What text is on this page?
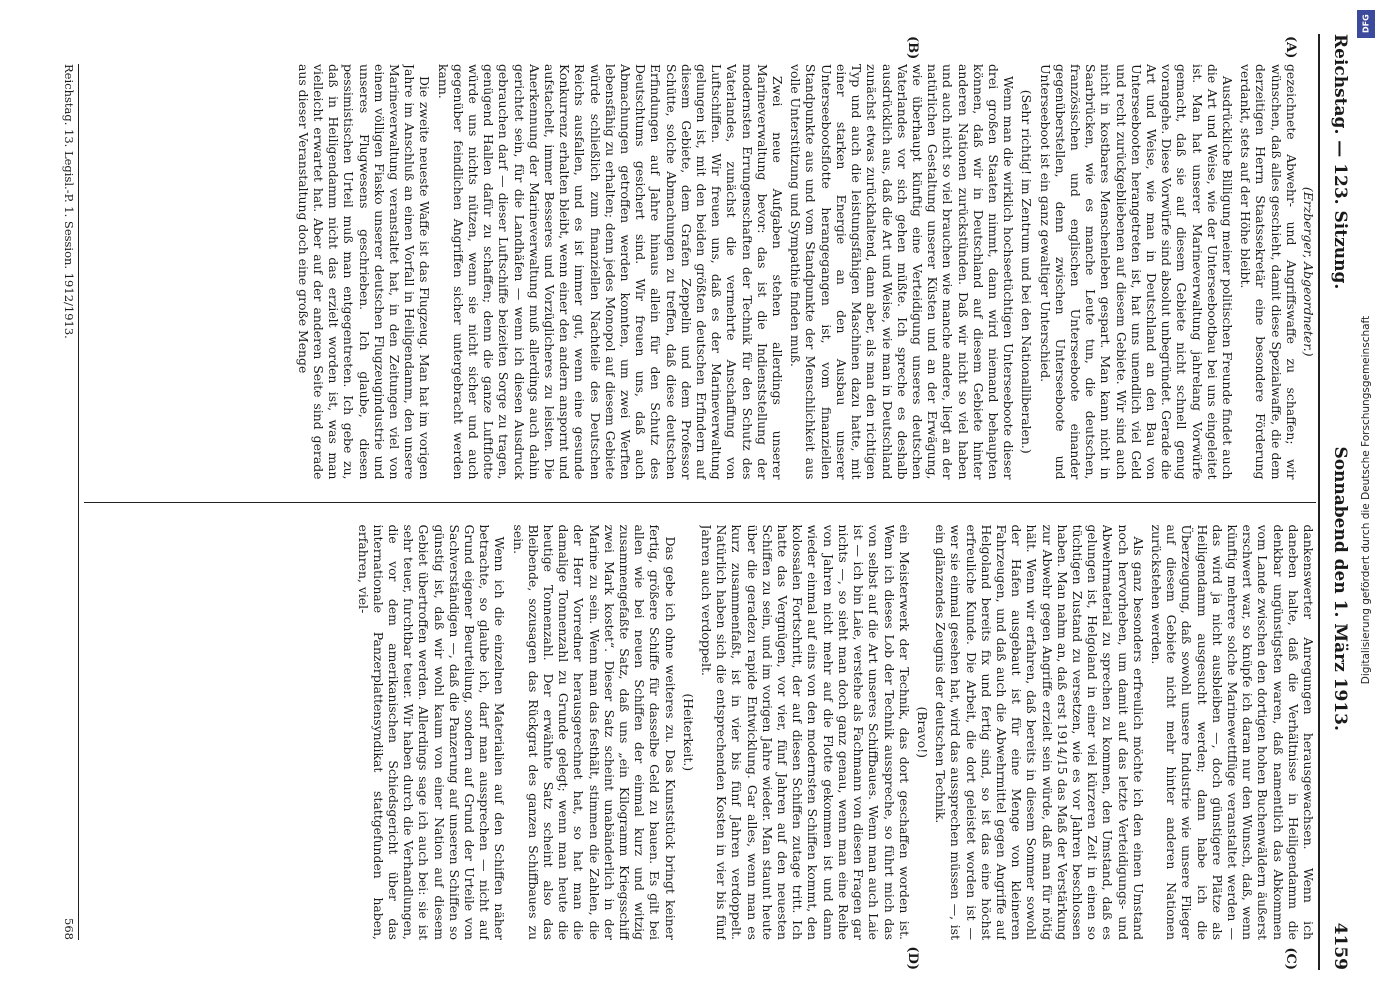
Reichstag. — 123. Sitzung.
Sonnabend den 1. März 1913.
4159
(A)
(B)
(C)
(D)
(Erzberger, Abgeordneter.)

gezeichnete Abwehr- und Angriffswaffe zu schaffen; wir wünschen, daß alles geschieht, damit diese Spezialwaffe, die dem derzeitigen Herrn Staatssekretär eine besondere Förderung verdankt, stets auf der Höhe bleibt.

Ausdrückliche Billigung meiner politischen Freunde findet auch die Art und Weise, wie der Unterseebootbau bei uns eingeleitet ist. Man hat unserer Marineverwaltung jahrelang Vorwürfe gemacht, daß sie auf diesem Gebiete nicht schnell genug vorangehe. Diese Vorwürfe sind absolut unbegründet. Gerade die Art und Weise, wie man in Deutschland an den Bau von Unterseebooten herangetreten ist, hat uns unendlich viel Geld und recht zurückgebliebenen auf diesem Gebiete. Wir sind auch nicht in kostbares Menschenleben gespart. Man kann nicht in Saarbrücken, wie es manche Leute tun, die deutschen, französischen und englischen Unterseeboote einander gegenüberstellen, denn zwischen Unterseeboote und Unterseeboot ist ein ganz gewaltiger Unterschied.

(Sehr richtig! im Zentrum und bei den Nationalliberalen.)

Wenn man die wirklich hochseetüchtigen Unterseeboote dieser drei großen Staaten nimmt, dann wird niemand behaupten können, daß wir in Deutschland auf diesem Gebiete hinter anderen Nationen zurückstünden. Daß wir nicht so viel haben und auch nicht so viel brauchen wie manche andere, liegt an der natürlichen Gestaltung unserer Küsten und an der Erwägung, wie überhaupt künftig eine Verteidigung unseres deutschen Vaterlandes vor sich gehen müßte. Ich spreche es deshalb ausdrücklich aus, daß die Art und Weise, wie man in Deutschland zunächst etwas zurückhaltend, dann aber, als man den richtigen Typ und auch die leistungsfähigen Maschinen dazu hatte, mit einer starken Energie an den Ausbau unserer Unterseebootsflotte herangegangen ist, vom finanziellen Standpunkte aus und vom Standpunkte der Menschlichkeit aus volle Unterstützung und Sympathie finden muß.

Zwei neue Aufgaben stehen allerdings unserer Marineverwaltung bevor: das ist die Indienststellung der modernsten Errungenschaften der Technik für den Schutz des Vaterlandes, zunächst die vermehrte Anschaffung von Luftschiffen. Wir freuen uns, daß es der Marineverwaltung gelungen ist, mit den beiden größten deutschen Erfindern auf diesem Gebiete, dem Grafen Zeppelin und dem Professor Schütte, solche Abmachungen zu treffen, daß diese deutschen Erfindungen auf Jahre hinaus allein für den Schutz des Deutschtums gesichert sind. Wir freuen uns, daß auch Abmachungen getroffen werden konnten, um zwei Werften lebensfähig zu erhalten; denn jedes Monopol auf diesem Gebiete würde schließlich zum finanziellen Nachteile des Deutschen Reichs ausfallen, und es ist immer gut, wenn eine gesunde Konkurrenz erhalten bleibt, wenn einer den andern anspornt und aufstachelt, immer Besseres und Vorzüglicheres zu leisten. Die Anerkennung der Marineverwaltung muß allerdings auch dahin gerichtet sein, für die Landhäfen — wenn ich diesen Ausdruck gebrauchen darf — dieser Luftschiffe beizeiten Sorge zu tragen, genügend Hallen dafür zu schaffen; denn die ganze Luftflotte würde uns nichts nützen, wenn sie nicht sicher und auch gegenüber feindlichen Angriffen sicher untergebracht werden kann.

Die zweite neueste Waffe ist das Flugzeug. Man hat im vorigen Jahre im Anschluß an einen Vorfall in Heiligendamm, den unsere Marineverwaltung veranstaltet hat, in den Zeitungen viel von einem völligen Fiasko unserer deutschen Flugzeugindustrie und unseres Flugwesens geschrieben. Ich glaube, diesen pessimistischen Urteil muß man entgegentreten. Ich gebe zu, daß in Heiligendamm nicht das erzielt worden ist, was man vielleicht erwartet hat. Aber auf der anderen Seite sind gerade aus dieser Veranstaltung doch eine große Menge

dankenswerter Anregungen herausgewachsen. Wenn ich daneben halte, daß die Verhältnisse in Heiligendamm die denkbar ungünstigsten waren, daß namentlich das Abkommen vom Lande zwischen den dortigen hohen Buchenwäldern äußerst erschwert war, so knüpfe ich daran nur den Wunsch, daß, wenn künftig mehrere solche Marinewettflüge veranstaltet werden — das wird ja nicht ausbleiben —, doch günstigere Plätze als Heiligendamm ausgesucht werden; dann habe ich die Überzeugung, daß sowohl unsere Industrie wie unsere Flieger auf diesem Gebiete nicht mehr hinter anderen Nationen zurückstehen werden.

Als ganz besonders erfreulich möchte ich den einen Umstand noch hervorheben, um damit auf das letzte Verteidigungs- und Abwehrmaterial zu sprechen zu kommen, den Umstand, daß es gelungen ist, Helgoland in einer viel kürzeren Zeit in einen so tüchtigen Zustand zu versetzen, wie es vor Jahren beschlossen haben. Man nahm an, daß erst 1914/15 das Maß der Verstärkung zur Abwehr gegen Angriffe erzielt sein würde, daß man für nötig hält. Wenn wir erfahren, daß bereits in diesem Sommer sowohl der Hafen ausgebaut ist für eine Menge von kleineren Fahrzeugen, und daß auch die Abwehrmittel gegen Angriffe auf Helgoland bereits fix und fertig sind, so ist das eine höchst erfreuliche Kunde. Die Arbeit, die dort geleistet worden ist — wer sie einmal gesehen hat, wird das aussprechen müssen —, ist ein glänzendes Zeugnis der deutschen Technik.

(Bravo!)

ein Meisterwerk der Technik, das dort geschaffen worden ist. Wenn ich dieses Lob der Technik ausspreche, so führt mich das von selbst auf die Art unseres Schiffbaues. Wenn man auch Laie ist — ich bin Laie, verstehe als Fachmann von diesen Fragen gar nichts —, so sieht man doch ganz genau, wenn man eine Reihe von Jahren nicht mehr auf die Flotte gekommen ist und dann wieder einmal auf eins von den modernsten Schiffen kommt, den kolossalen Fortschritt, der auf diesen Schiffen zutage tritt. Ich hatte das Vergnügen, vor vier, fünf Jahren auf den neuesten Schiffen zu sein, und im vorigen Jahre wieder. Man staunt heute über die geradezu rapide Entwicklung. Gar alles, wenn man es kurz zusammenfaßt, ist in vier bis fünf Jahren verdoppelt. Natürlich haben sich die entsprechenden Kosten in vier bis fünf Jahren auch verdoppelt.

(Heiterkeit.)

Das gebe ich ohne weiteres zu. Das Kunststück bringt keiner fertig, größere Schiffe für dasselbe Geld zu bauen. Es gilt bei allen wie bei neuen Schiffen der einmal kurz und witzig zusammengefaßte Satz, daß uns „ein Kilogramm Kriegsschiff zwei Mark kostet“. Dieser Satz scheint unabänderlich in der Marine zu sein. Wenn man das festhält, stimmen die Zahlen, die der Herr Vorredner herausgerechnet hat, so hat man die damalige Tonnenzahl zu Grunde gelegt; wenn man heute die heutige Tonnenzahl. Der erwähnte Satz scheint also das Bleibende, sozusagen das Rückgrat des ganzen Schiffbaues zu sein.

Wenn ich die einzelnen Materialien auf den Schiffen näher betrachte, so glaube ich, darf man aussprechen — nicht auf Grund eigener Beurteilung, sondern auf Grund der Urteile von Sachverständigen —, daß die Panzerung auf unseren Schiffen so günstig ist, daß wir wohl kaum von einer Nation auf diesem Gebiet übertroffen werden. Allerdings sage ich auch bei: sie ist sehr teuer, furchtbar teuer. Wir haben durch die Verhandlungen, die vor dem amerikanischen Schiedsgericht über das internationale Panzerplattensyndikat stattgefunden haben, erfahren, viel-

Reichstag. 13. Legisl.-P. 1. Session. 1912/1913.
568
DFG
Digitalisierung gefördert durch die Deutsche Forschungsgemeinschaft
